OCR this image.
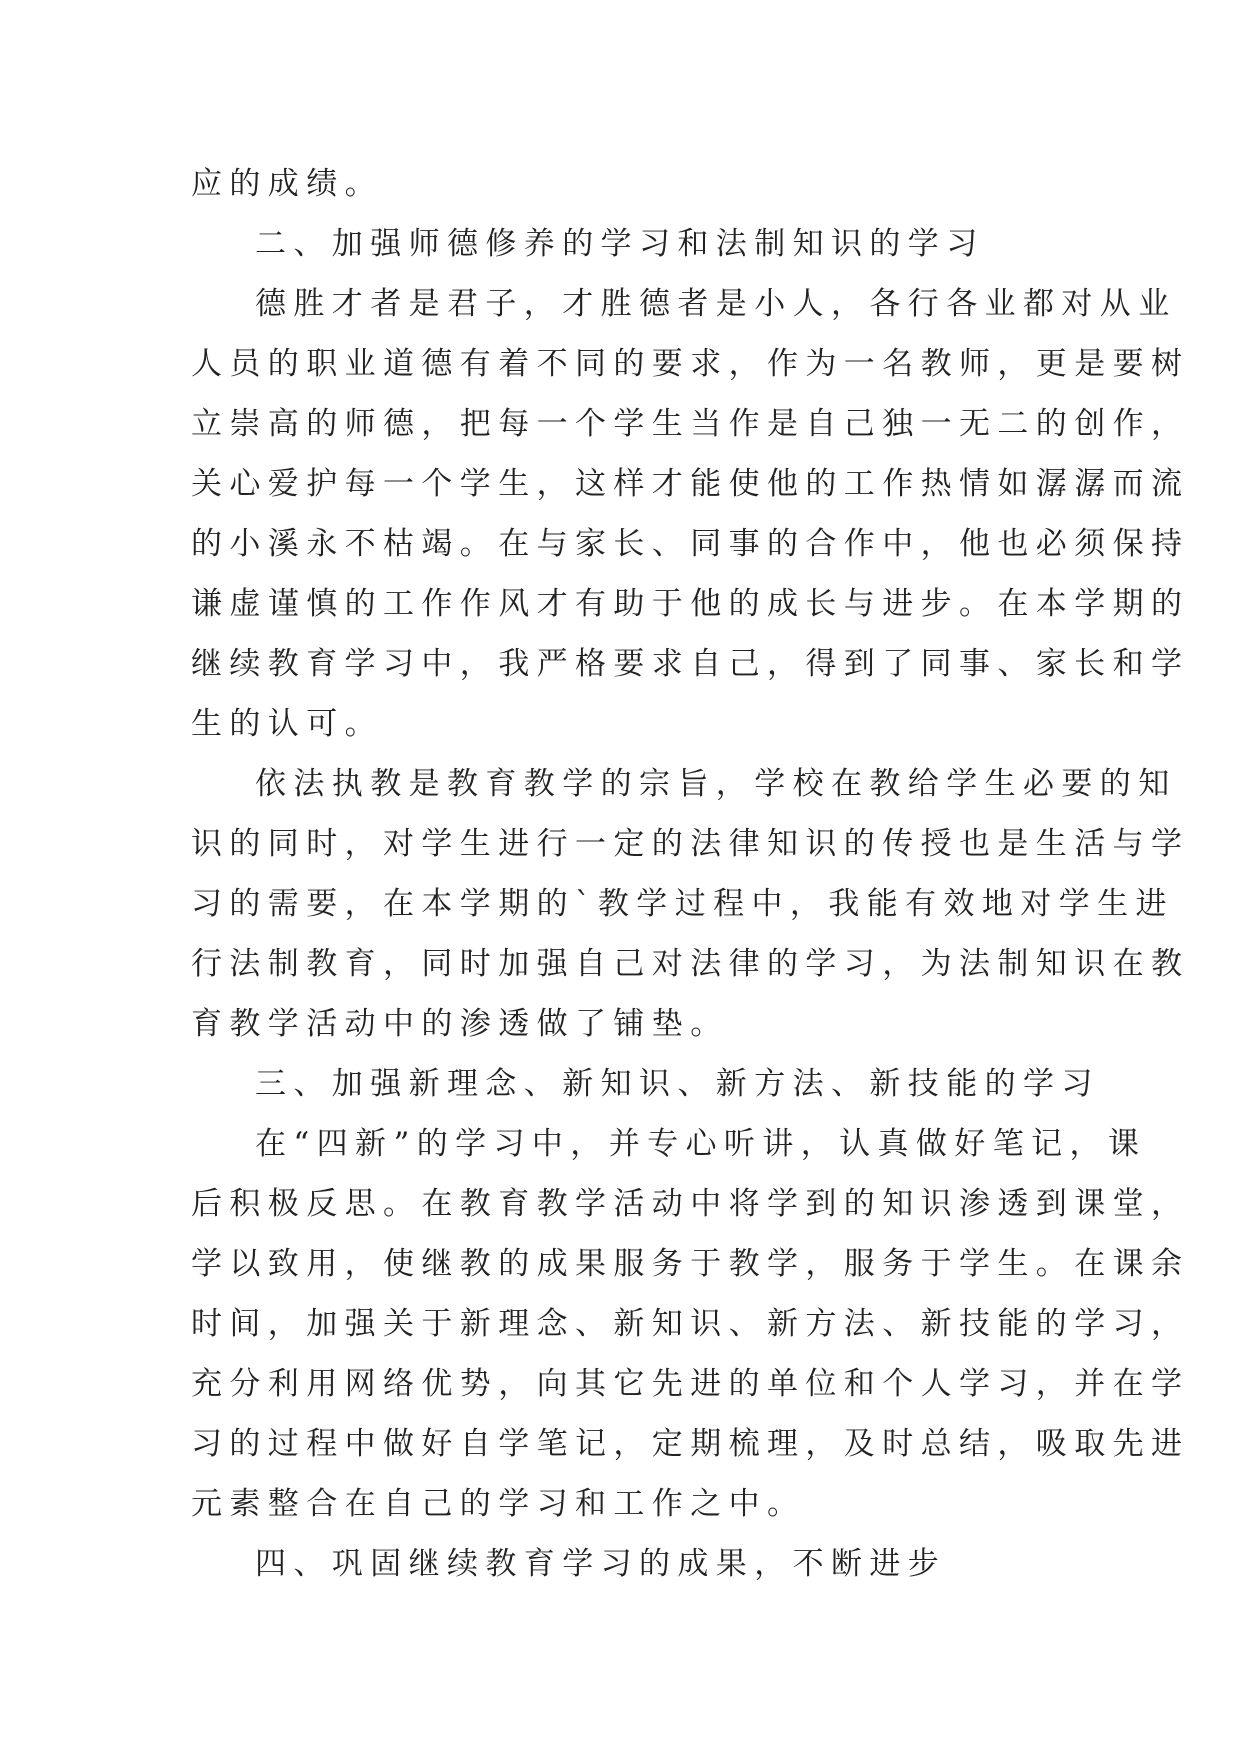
应的成绩。
二、加强师德修养的学习和法制知识的学习
德胜才者是君子，才胜德者是小人，各行各业都对从业
人员的职业道德有着不同的要求，作为一名教师，更是要树
立崇高的师德，把每一个学生当作是自己独一无二的创作，
关心爱护每一个学生，这样才能使他的工作热情如潺潺而流
的小溪永不枯竭。在与家长、同事的合作中，他也必须保持
谦虚谨慎的工作作风才有助于他的成长与进步。在本学期的
继续教育学习中，我严格要求自己，得到了同事、家长和学
生的认可。
依法执教是教育教学的宗旨，学校在教给学生必要的知
识的同时，对学生进行一定的法律知识的传授也是生活与学
习的需要，在本学期的`教学过程中，我能有效地对学生进
行法制教育，同时加强自己对法律的学习，为法制知识在教
育教学活动中的渗透做了铺垫。
三、加强新理念、新知识、新方法、新技能的学习
在“四新”的学习中，并专心听讲，认真做好笔记，课
后积极反思。在教育教学活动中将学到的知识渗透到课堂，
学以致用，使继教的成果服务于教学，服务于学生。在课余
时间，加强关于新理念、新知识、新方法、新技能的学习，
充分利用网络优势，向其它先进的单位和个人学习，并在学
习的过程中做好自学笔记，定期梳理，及时总结，吸取先进
元素整合在自己的学习和工作之中。
四、巩固继续教育学习的成果，不断进步
